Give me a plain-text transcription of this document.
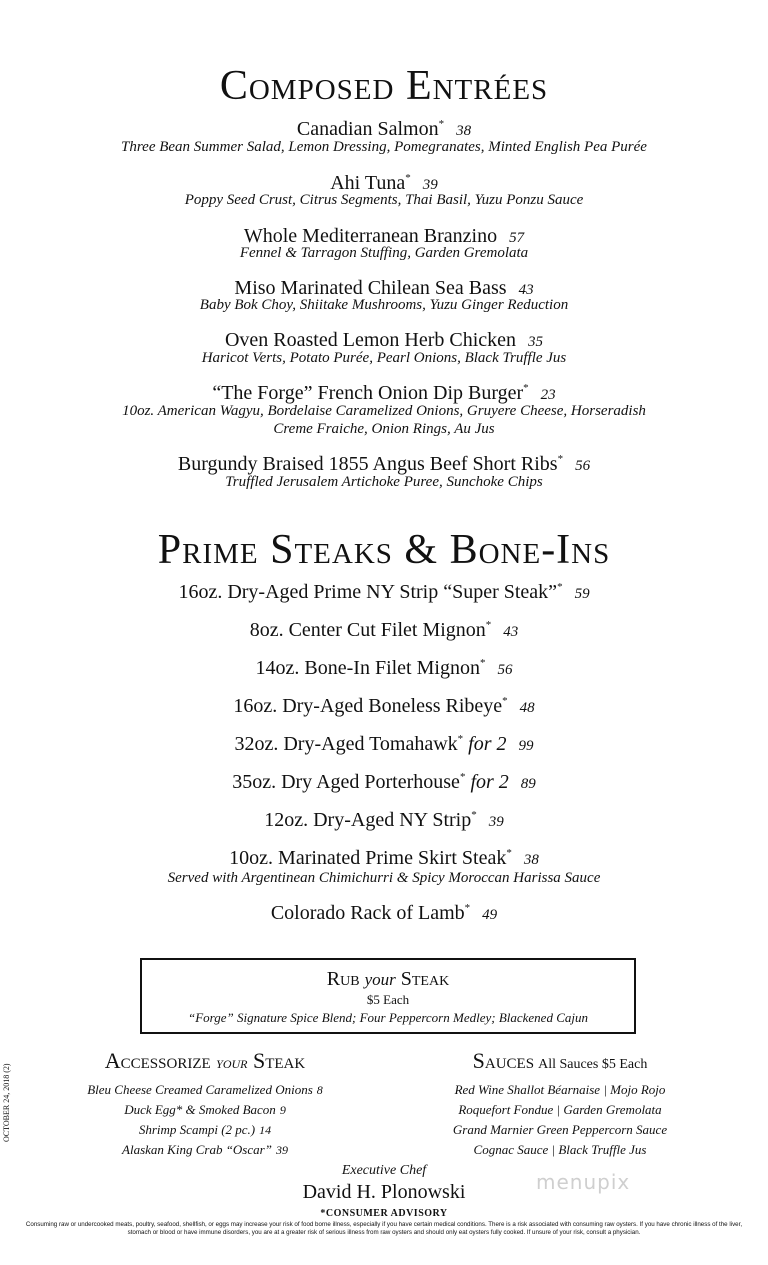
Composed Entrées
Canadian Salmon* 38
Three Bean Summer Salad, Lemon Dressing, Pomegranates, Minted English Pea Purée
Ahi Tuna* 39
Poppy Seed Crust, Citrus Segments, Thai Basil, Yuzu Ponzu Sauce
Whole Mediterranean Branzino 57
Fennel & Tarragon Stuffing, Garden Gremolata
Miso Marinated Chilean Sea Bass 43
Baby Bok Choy, Shiitake Mushrooms, Yuzu Ginger Reduction
Oven Roasted Lemon Herb Chicken 35
Haricot Verts, Potato Purée, Pearl Onions, Black Truffle Jus
“The Forge” French Onion Dip Burger* 23
10oz. American Wagyu, Bordelaise Caramelized Onions, Gruyere Cheese, Horseradish
Creme Fraiche, Onion Rings, Au Jus
Burgundy Braised 1855 Angus Beef Short Ribs* 56
Truffled Jerusalem Artichoke Puree, Sunchoke Chips
Prime Steaks & Bone-Ins
16oz. Dry-Aged Prime NY Strip “Super Steak”* 59
8oz. Center Cut Filet Mignon* 43
14oz. Bone-In Filet Mignon* 56
16oz. Dry-Aged Boneless Ribeye* 48
32oz. Dry-Aged Tomahawk* for 2 99
35oz. Dry Aged Porterhouse* for 2 89
12oz. Dry-Aged NY Strip* 39
10oz. Marinated Prime Skirt Steak* 38
Served with Argentinean Chimichurri & Spicy Moroccan Harissa Sauce
Colorado Rack of Lamb* 49
Rub your Steak
$5 Each
“Forge” Signature Spice Blend; Four Peppercorn Medley; Blackened Cajun
Accessorize your Steak
Bleu Cheese Creamed Caramelized Onions 8
Duck Egg* & Smoked Bacon 9
Shrimp Scampi (2 pc.) 14
Alaskan King Crab “Oscar” 39
Sauces All Sauces $5 Each
Red Wine Shallot Béarnaise | Mojo Rojo
Roquefort Fondue | Garden Gremolata
Grand Marnier Green Peppercorn Sauce
Cognac Sauce | Black Truffle Jus
OCTOBER 24, 2018 (2)
Executive Chef
David H. Plonowski
*CONSUMER ADVISORY
Consuming raw or undercooked meats, poultry, seafood, shellfish, or eggs may increase your risk of food borne illness, especially if you have certain medical conditions. There is a risk associated with consuming raw oysters. If you have chronic illness of the liver, stomach or blood or have immune disorders, you are at a greater risk of serious illness from raw oysters and should only eat oysters fully cooked. If unsure of your risk, consult a physician.
menupix
